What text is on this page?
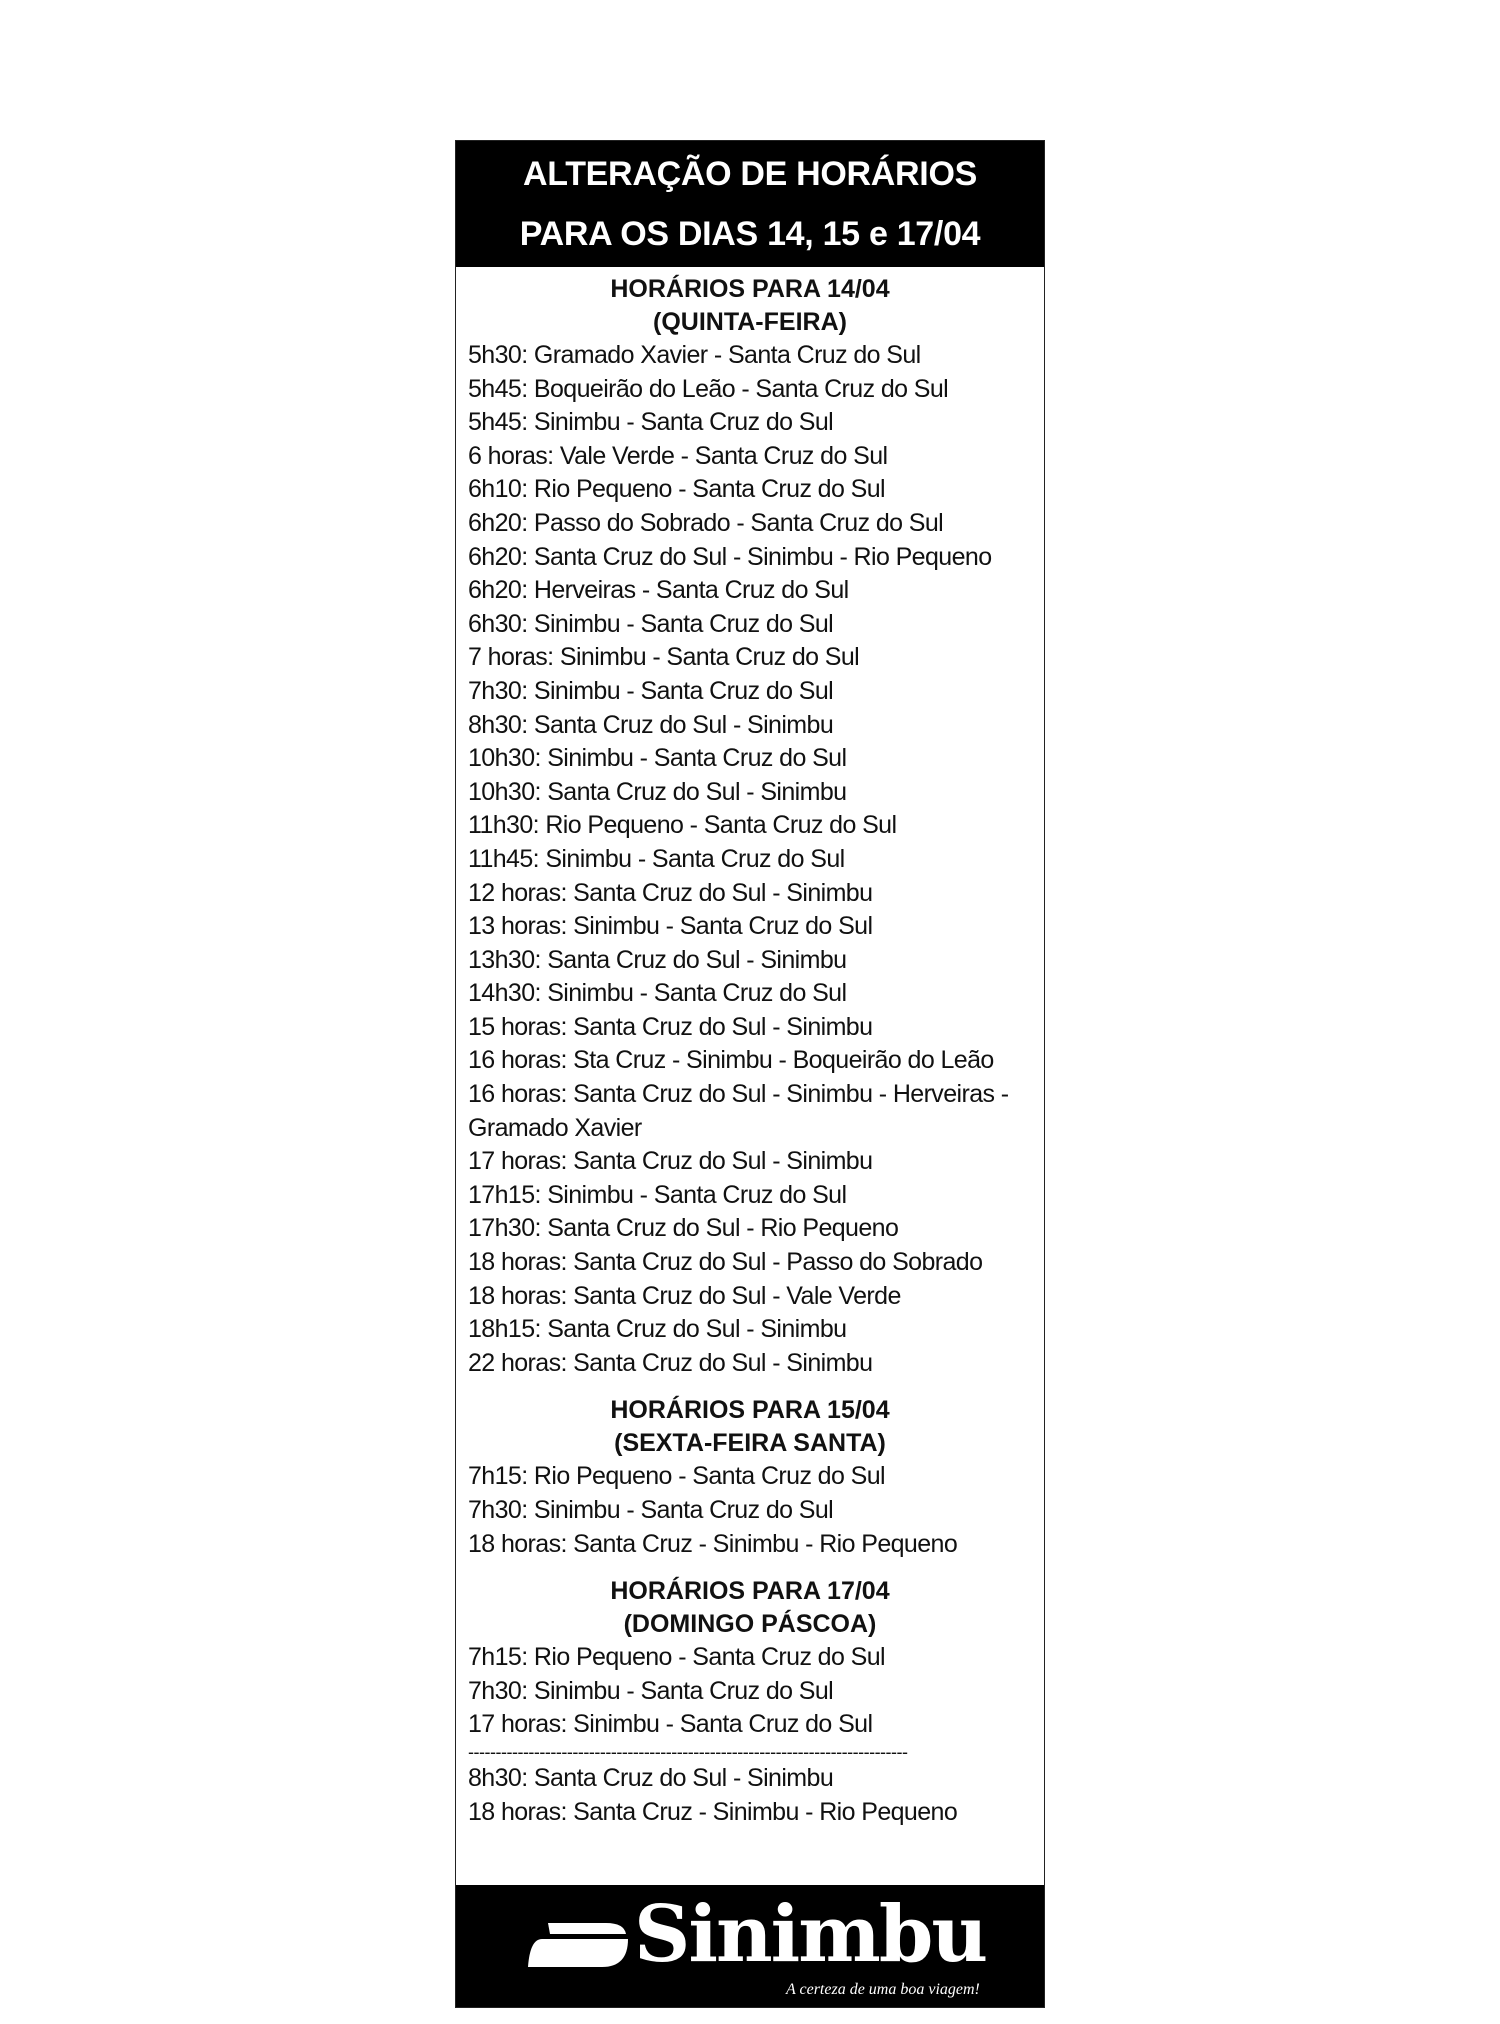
ALTERAÇÃO DE HORÁRIOS
PARA OS DIAS 14, 15 e 17/04
HORÁRIOS PARA 14/04
(QUINTA-FEIRA)
5h30: Gramado Xavier - Santa Cruz do Sul
5h45: Boqueirão do Leão - Santa Cruz do Sul
5h45: Sinimbu - Santa Cruz do Sul
6 horas: Vale Verde - Santa Cruz do Sul
6h10: Rio Pequeno - Santa Cruz do Sul
6h20: Passo do Sobrado - Santa Cruz do Sul
6h20: Santa Cruz do Sul - Sinimbu - Rio Pequeno
6h20: Herveiras - Santa Cruz do Sul
6h30: Sinimbu - Santa Cruz do Sul
7 horas: Sinimbu - Santa Cruz do Sul
7h30: Sinimbu - Santa Cruz do Sul
8h30: Santa Cruz do Sul - Sinimbu
10h30: Sinimbu - Santa Cruz do Sul
10h30: Santa Cruz do Sul - Sinimbu
11h30: Rio Pequeno - Santa Cruz do Sul
11h45: Sinimbu - Santa Cruz do Sul
12 horas: Santa Cruz do Sul - Sinimbu
13 horas: Sinimbu - Santa Cruz do Sul
13h30: Santa Cruz do Sul - Sinimbu
14h30: Sinimbu - Santa Cruz do Sul
15 horas: Santa Cruz do Sul - Sinimbu
16 horas: Sta Cruz - Sinimbu - Boqueirão do Leão
16 horas: Santa Cruz do Sul - Sinimbu - Herveiras - Gramado Xavier
17 horas: Santa Cruz do Sul - Sinimbu
17h15: Sinimbu - Santa Cruz do Sul
17h30: Santa Cruz do Sul - Rio Pequeno
18 horas: Santa Cruz do Sul - Passo do Sobrado
18 horas: Santa Cruz do Sul - Vale Verde
18h15: Santa Cruz do Sul - Sinimbu
22 horas: Santa Cruz do Sul - Sinimbu
HORÁRIOS PARA 15/04
(SEXTA-FEIRA SANTA)
7h15: Rio Pequeno - Santa Cruz do Sul
7h30: Sinimbu - Santa Cruz do Sul
18 horas: Santa Cruz - Sinimbu - Rio Pequeno
HORÁRIOS PARA 17/04
(DOMINGO PÁSCOA)
7h15: Rio Pequeno - Santa Cruz do Sul
7h30: Sinimbu - Santa Cruz do Sul
17 horas: Sinimbu - Santa Cruz do Sul
--------------------------------------------------------------------------------
8h30: Santa Cruz do Sul - Sinimbu
18 horas: Santa Cruz - Sinimbu - Rio Pequeno
Sinimbu
A certeza de uma boa viagem!
